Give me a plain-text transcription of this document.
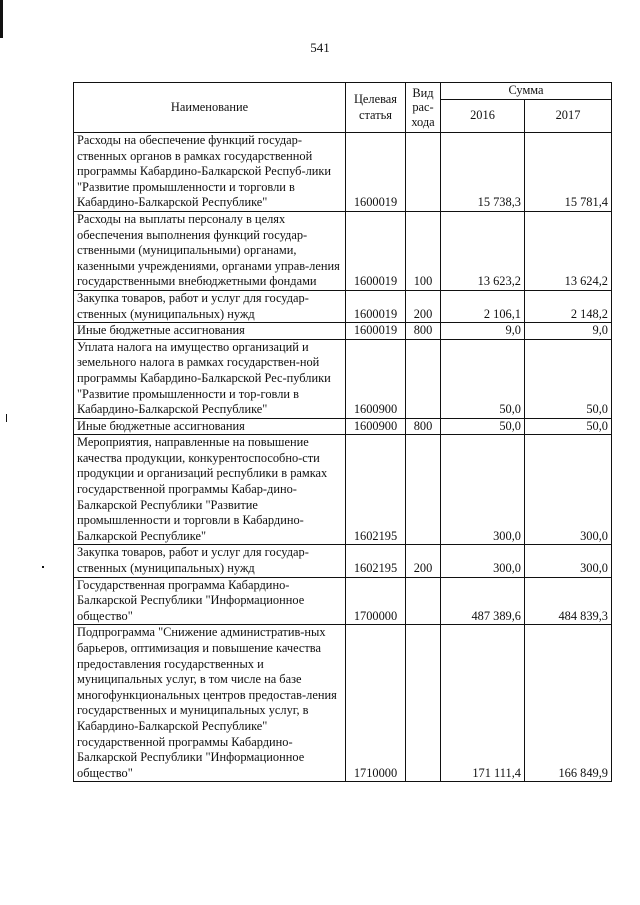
541
Наименование	Целевая статья	Вид рас-хода	Сумма	
			2016	2017
Расходы на обеспечение функций государ-ственных органов в рамках государственной программы Кабардино-Балкарской Респуб-лики "Развитие промышленности и торговли в Кабардино-Балкарской Республике"	1600019		15 738,3	15 781,4
Расходы на выплаты персоналу в целях обеспечения выполнения функций государ-ственными (муниципальными) органами, казенными учреждениями, органами управ-ления государственными внебюджетными фондами	1600019	100	13 623,2	13 624,2
Закупка товаров, работ и услуг для государ-ственных (муниципальных) нужд	1600019	200	2 106,1	2 148,2
Иные бюджетные ассигнования	1600019	800	9,0	9,0
Уплата налога на имущество организаций и земельного налога в рамках государствен-ной программы Кабардино-Балкарской Рес-публики "Развитие промышленности и тор-говли в Кабардино-Балкарской Республике"	1600900		50,0	50,0
Иные бюджетные ассигнования	1600900	800	50,0	50,0
Мероприятия, направленные на повышение качества продукции, конкурентоспособно-сти продукции и организаций республики в рамках государственной программы Кабар-дино-Балкарской Республики "Развитие промышленности и торговли в Кабардино-Балкарской Республике"	1602195		300,0	300,0
Закупка товаров, работ и услуг для государ-ственных (муниципальных) нужд	1602195	200	300,0	300,0
Государственная программа Кабардино-Балкарской Республики "Информационное общество"	1700000		487 389,6	484 839,3
Подпрограмма "Снижение административ-ных барьеров, оптимизация и повышение качества предоставления государственных и муниципальных услуг, в том числе на базе многофункциональных центров предостав-ления государственных и муниципальных услуг, в Кабардино-Балкарской Республике" государственной программы Кабардино-Балкарской Республики "Информационное общество"	1710000		171 111,4	166 849,9
